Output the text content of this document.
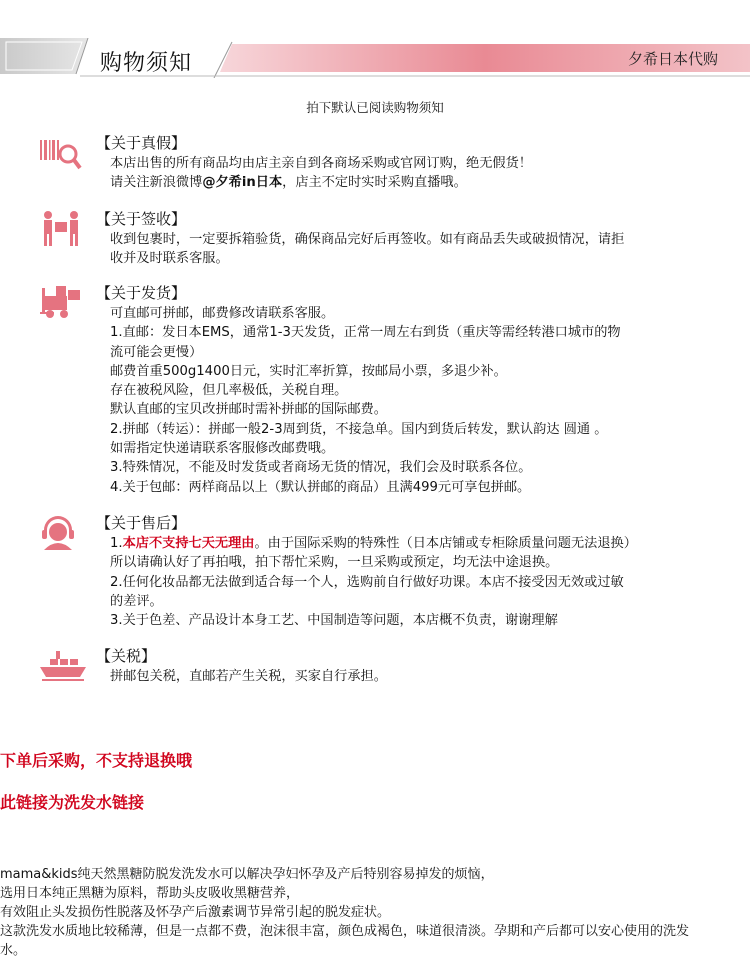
购物须知	夕希日本代购
拍下默认已阅读购物须知
【关于真假】

本店出售的所有商品均由店主亲自到各商场采购或官网订购，绝无假货！

请关注新浪微博@夕希in日本，店主不定时实时采购直播哦。

【关于签收】

收到包裹时，一定要拆箱验货，确保商品完好后再签收。如有商品丢失或破损情况，请拒

收并及时联系客服。

【关于发货】

可直邮可拼邮，邮费修改请联系客服。

1.直邮：发日本EMS，通常1-3天发货，正常一周左右到货（重庆等需经转港口城市的物

流可能会更慢）

邮费首重500g1400日元，实时汇率折算，按邮局小票，多退少补。

存在被税风险，但几率极低，关税自理。

默认直邮的宝贝改拼邮时需补拼邮的国际邮费。

2.拼邮（转运）：拼邮一般2-3周到货，不接急单。国内到货后转发，默认韵达 圆通 。

如需指定快递请联系客服修改邮费哦。

3.特殊情况，不能及时发货或者商场无货的情况，我们会及时联系各位。

4.关于包邮：两样商品以上（默认拼邮的商品）且满499元可享包拼邮。

【关于售后】

1.本店不支持七天无理由。由于国际采购的特殊性（日本店铺或专柜除质量问题无法退换）

所以请确认好了再拍哦，拍下帮忙采购，一旦采购或预定，均无法中途退换。

2.任何化妆品都无法做到适合每一个人，选购前自行做好功课。本店不接受因无效或过敏

的差评。

3.关于色差、产品设计本身工艺、中国制造等问题，本店概不负责，谢谢理解

【关税】

拼邮包关税，直邮若产生关税，买家自行承担。

下单后采购，不支持退换哦
此链接为洗发水链接

mama&kids纯天然黑糖防脱发洗发水可以解决孕妇怀孕及产后特别容易掉发的烦恼，

选用日本纯正黑糖为原料，帮助头皮吸收黑糖营养，

有效阻止头发损伤性脱落及怀孕产后激素调节异常引起的脱发症状。

这款洗发水质地比较稀薄，但是一点都不费，泡沫很丰富，颜色成褐色，味道很清淡。孕期和产后都可以安心使用的洗发

水。
